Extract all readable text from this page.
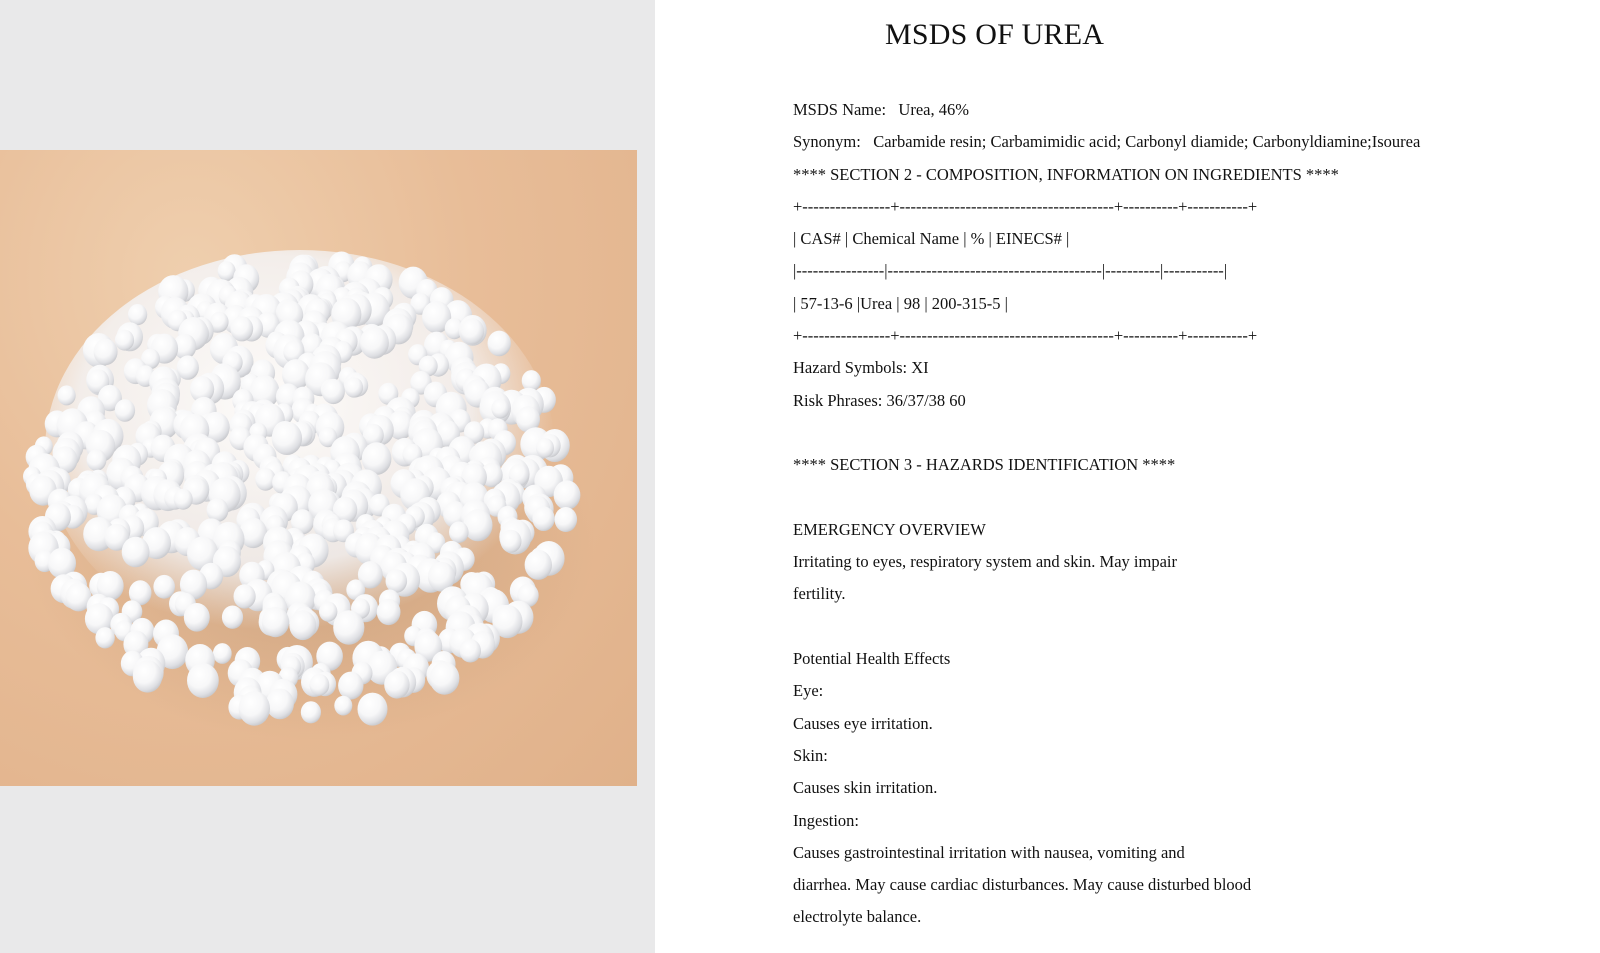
MSDS OF UREA
MSDS Name:   Urea, 46%
Synonym:   Carbamide resin; Carbamimidic acid; Carbonyl diamide; Carbonyldiamine;Isourea
**** SECTION 2 - COMPOSITION, INFORMATION ON INGREDIENTS ****
+----------------+---------------------------------------+----------+-----------+
| CAS# | Chemical Name | % | EINECS# |
|----------------|---------------------------------------|----------|-----------|
| 57-13-6 |Urea | 98 | 200-315-5 |
+----------------+---------------------------------------+----------+-----------+
Hazard Symbols: XI
Risk Phrases: 36/37/38 60
**** SECTION 3 - HAZARDS IDENTIFICATION ****
EMERGENCY OVERVIEW
Irritating to eyes, respiratory system and skin. May impair
fertility.
Potential Health Effects
Eye:
Causes eye irritation.
Skin:
Causes skin irritation.
Ingestion:
Causes gastrointestinal irritation with nausea, vomiting and
diarrhea. May cause cardiac disturbances. May cause disturbed blood
electrolyte balance.
